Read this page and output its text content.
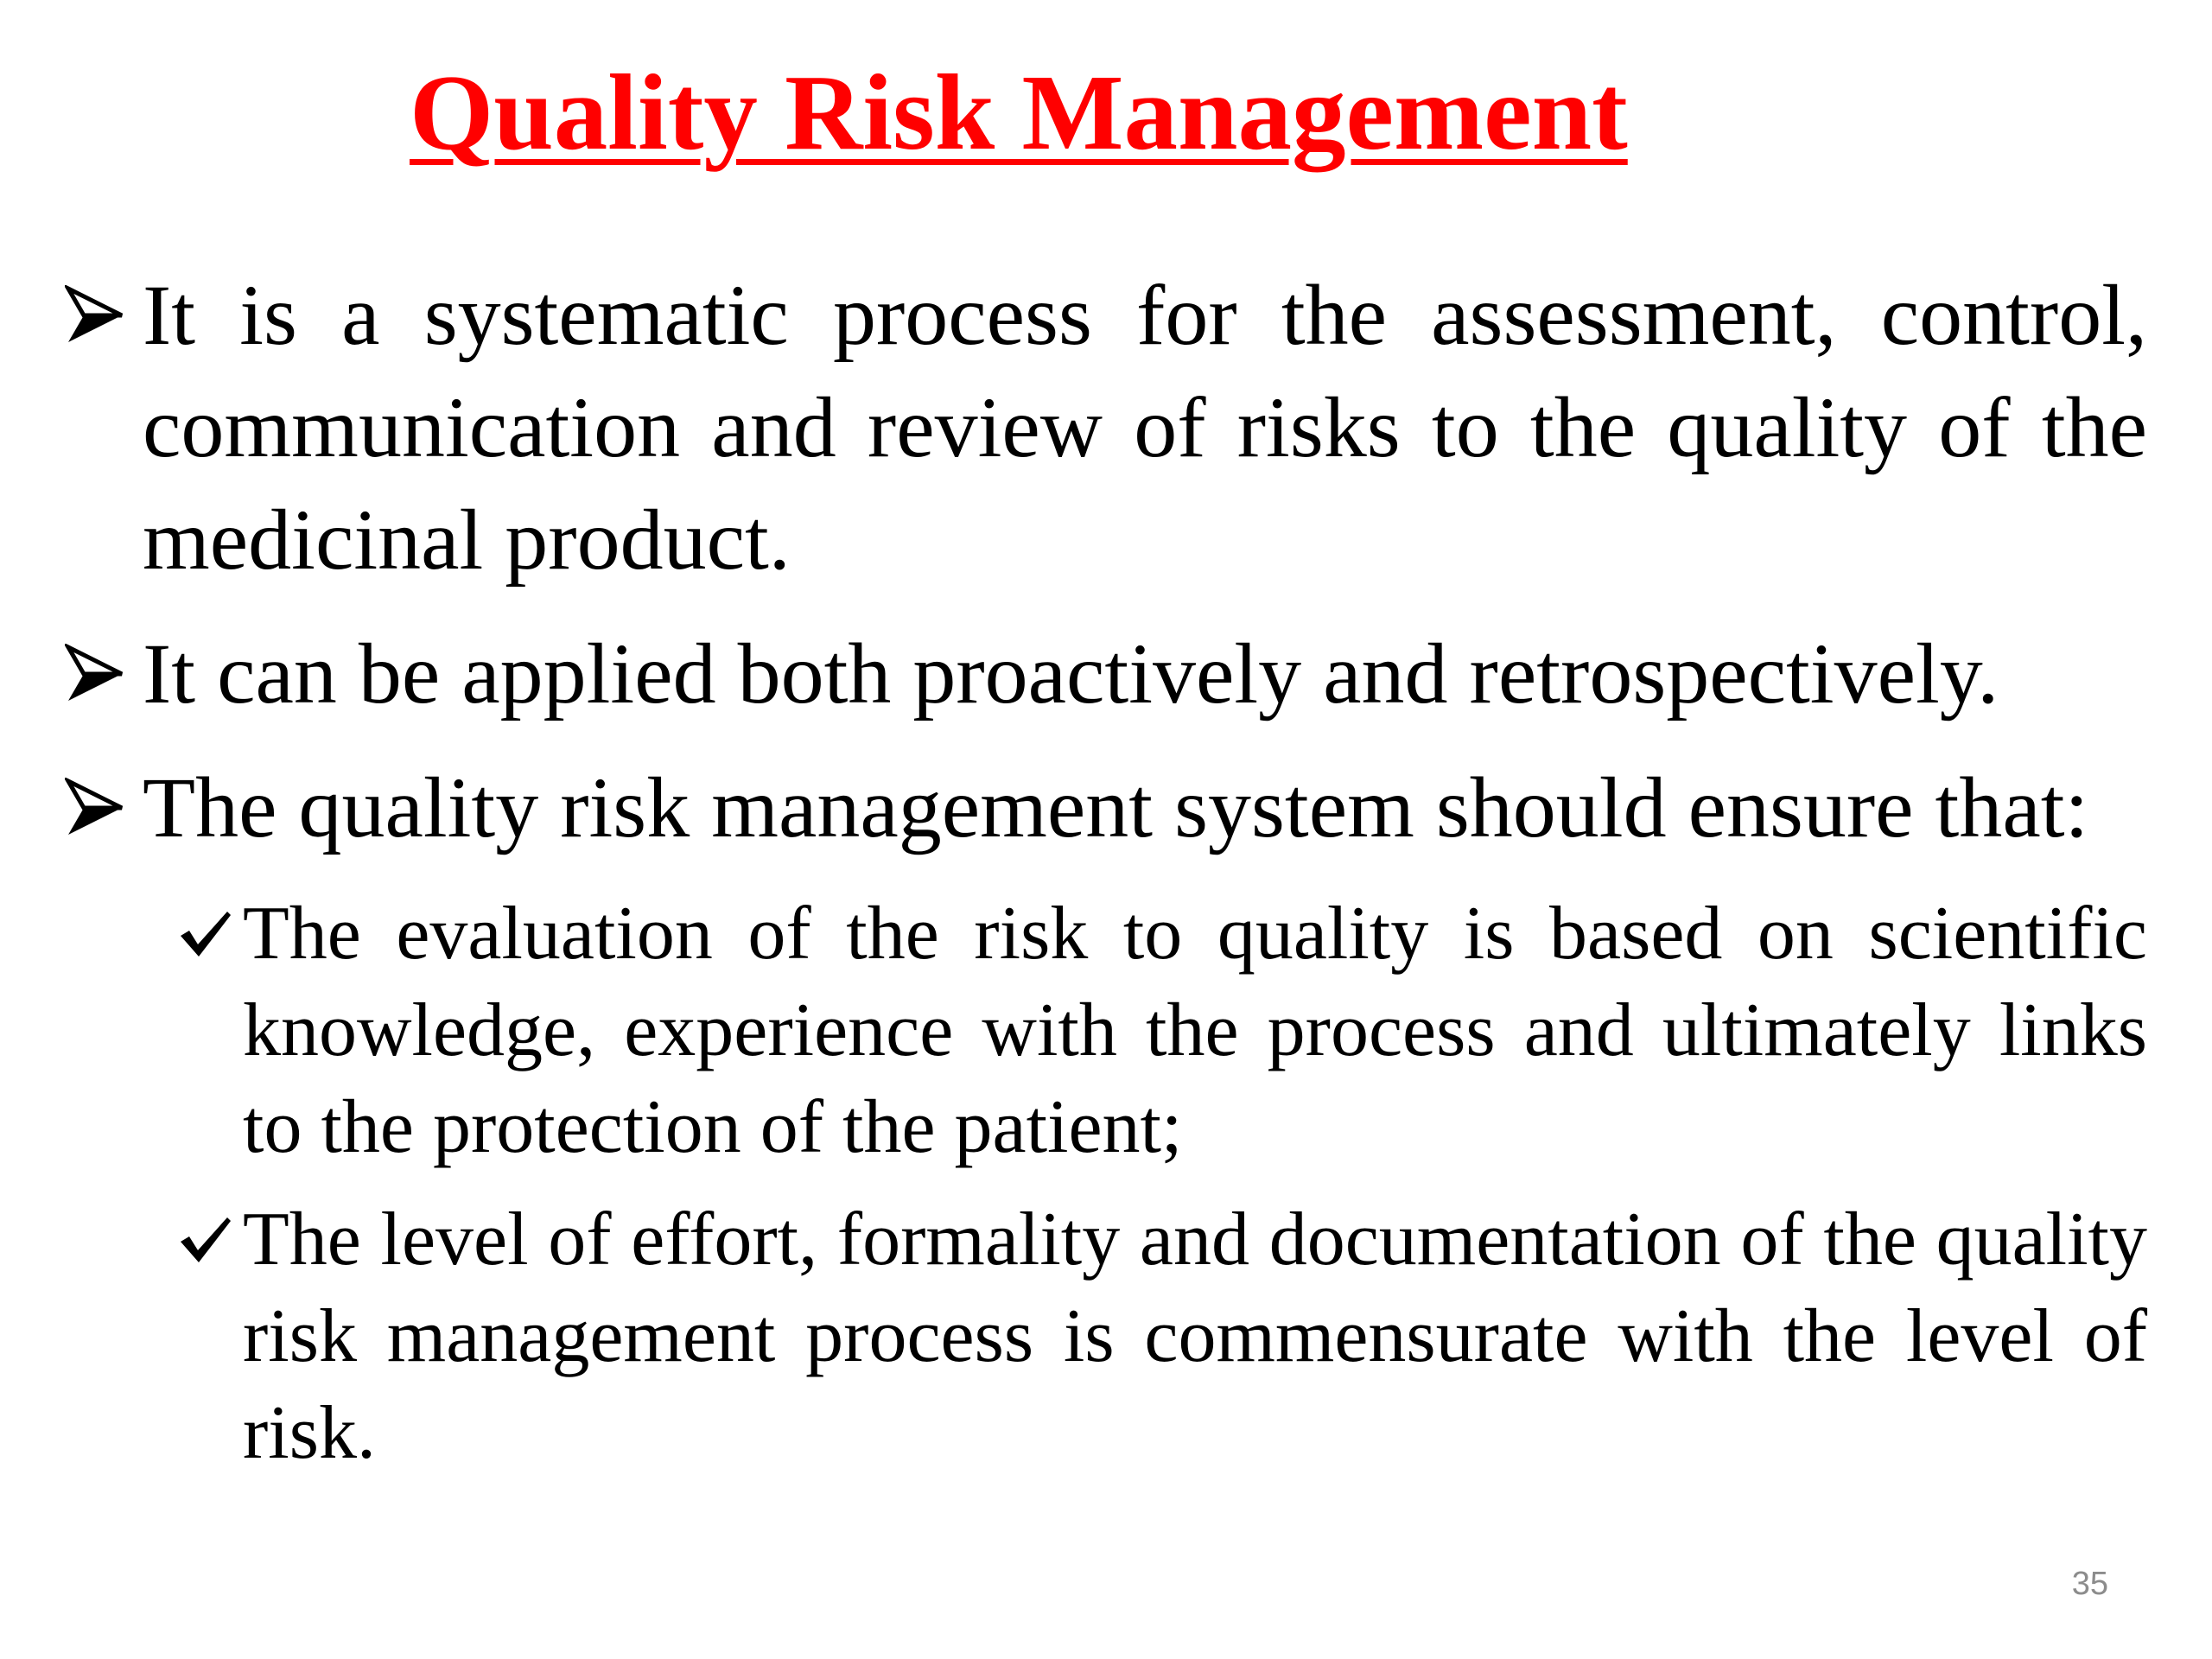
Quality Risk Management
It is a systematic process for the assessment, control, communication and review of risks to the quality of the medicinal product.
It can be applied both proactively and retrospectively.
The quality risk management system should ensure that:
The evaluation of the risk to quality is based on scientific knowledge, experience with the process and ultimately links to the protection of the patient;
The level of effort, formality and documentation of the quality risk management process is commensurate with the level of risk.
35
